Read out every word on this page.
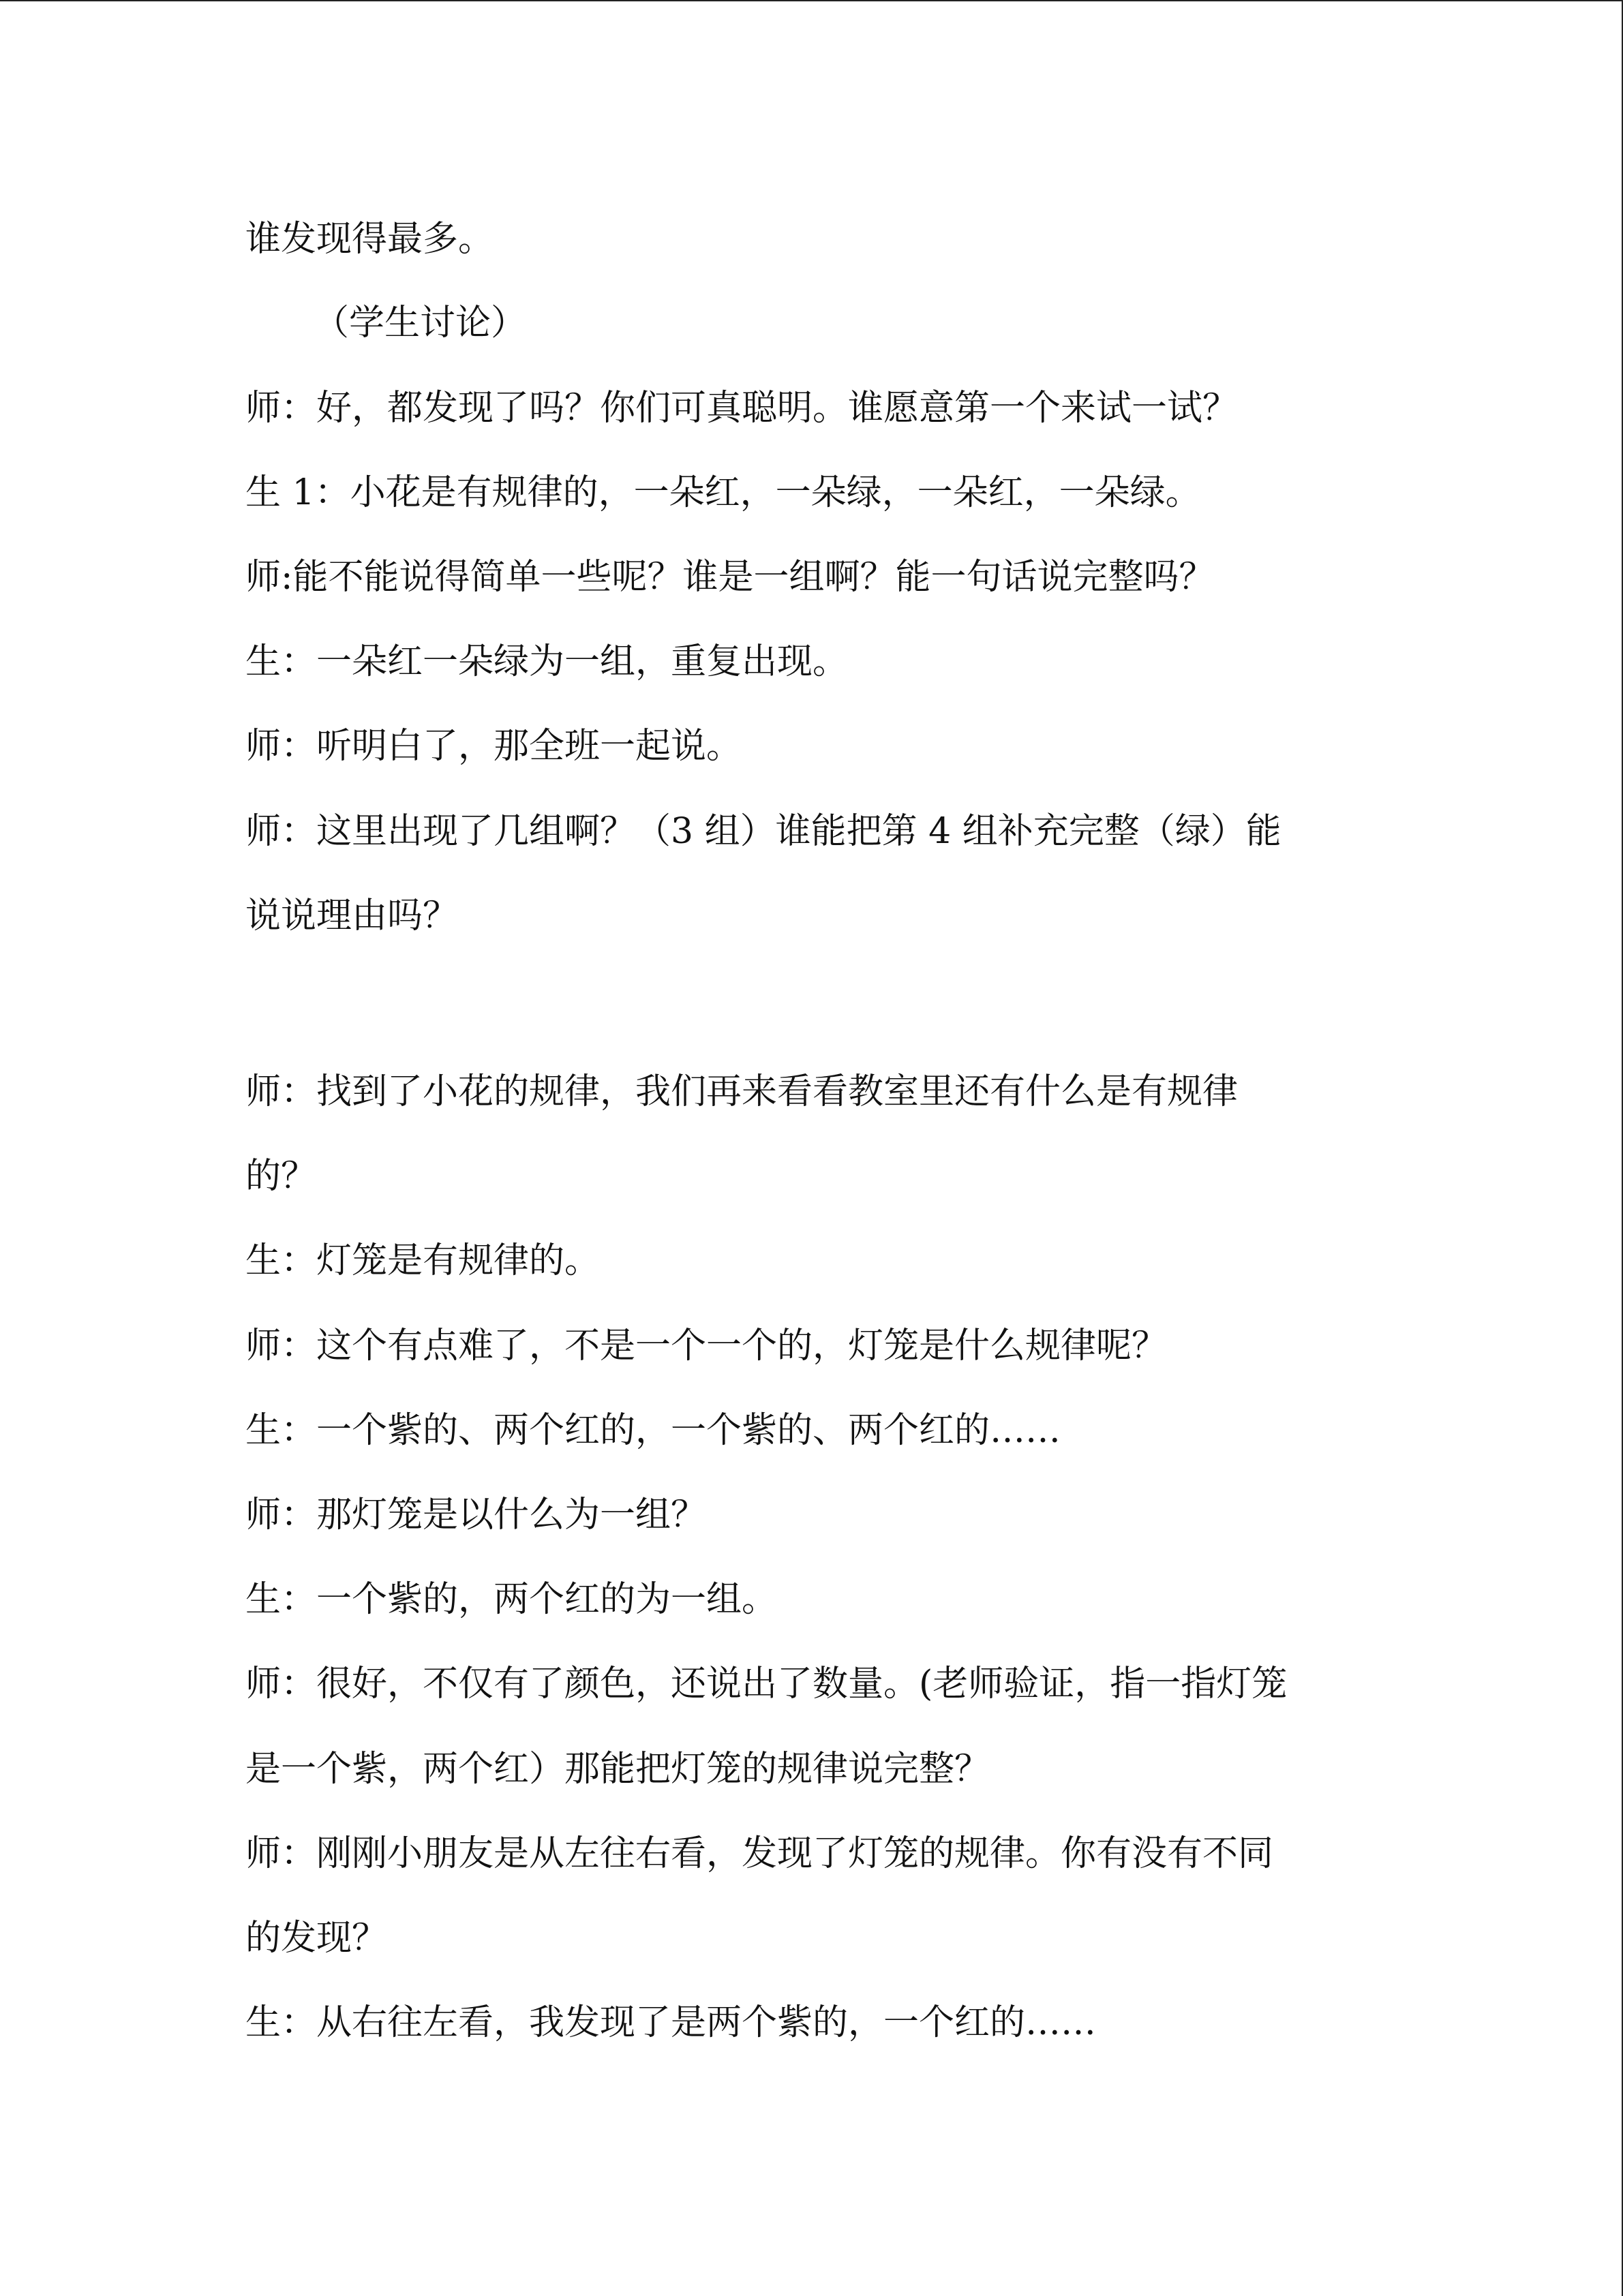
谁发现得最多。

（学生讨论）

师：好，都发现了吗？你们可真聪明。谁愿意第一个来试一试？

生 1：小花是有规律的，一朵红，一朵绿，一朵红，一朵绿。

师:能不能说得简单一些呢？谁是一组啊？能一句话说完整吗？

生：一朵红一朵绿为一组，重复出现。

师：听明白了，那全班一起说。

师：这里出现了几组啊？（3 组）谁能把第 4 组补充完整（绿）能

说说理由吗？

师：找到了小花的规律，我们再来看看教室里还有什么是有规律

的？

生：灯笼是有规律的。

师：这个有点难了，不是一个一个的，灯笼是什么规律呢？

生：一个紫的、两个红的，一个紫的、两个红的……

师：那灯笼是以什么为一组？

生：一个紫的，两个红的为一组。

师：很好，不仅有了颜色，还说出了数量。(老师验证，指一指灯笼

是一个紫，两个红）那能把灯笼的规律说完整？

师：刚刚小朋友是从左往右看，发现了灯笼的规律。你有没有不同

的发现？

生：从右往左看，我发现了是两个紫的，一个红的……
